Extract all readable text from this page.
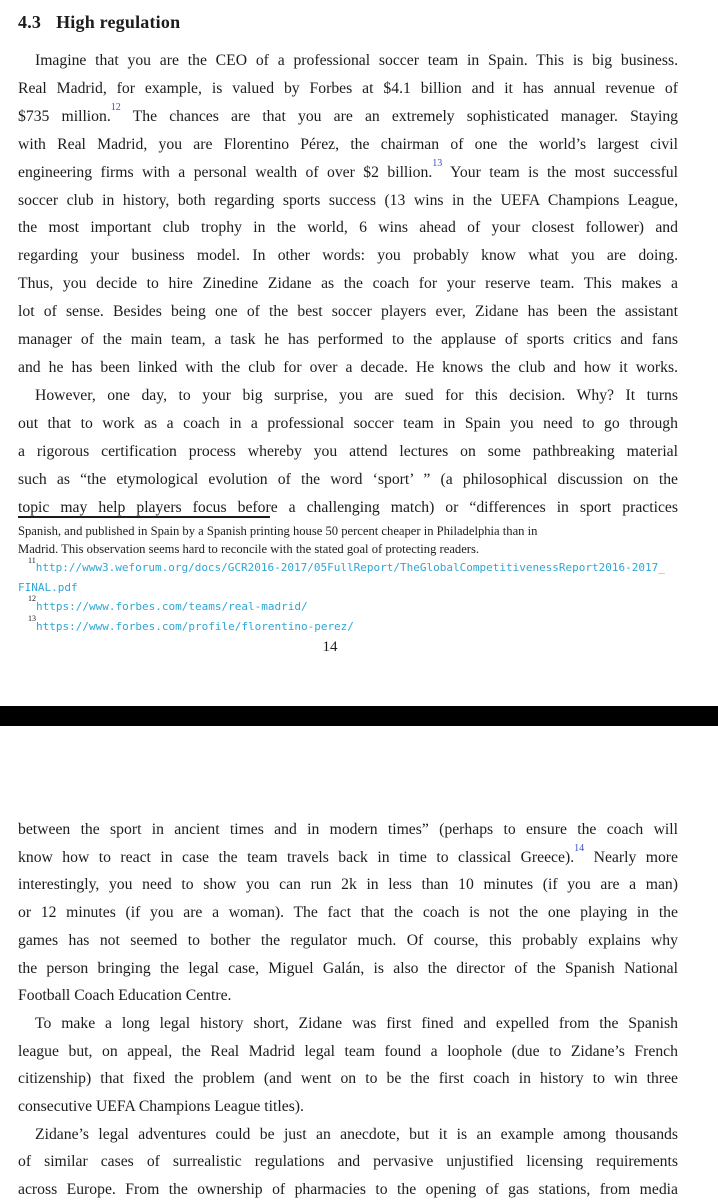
4.3 High regulation
Imagine that you are the CEO of a professional soccer team in Spain. This is big business.
Real Madrid, for example, is valued by Forbes at $4.1 billion and it has annual revenue of
$735 million.$^{12}$ The chances are that you are an extremely sophisticated manager. Staying
with Real Madrid, you are Florentino Pérez, the chairman of one the world’s largest civil
engineering firms with a personal wealth of over $2 billion.$^{13}$ Your team is the most successful
soccer club in history, both regarding sports success (13 wins in the UEFA Champions League,
the most important club trophy in the world, 6 wins ahead of your closest follower) and
regarding your business model. In other words: you probably know what you are doing.
Thus, you decide to hire Zinedine Zidane as the coach for your reserve team. This makes a
lot of sense. Besides being one of the best soccer players ever, Zidane has been the assistant
manager of the main team, a task he has performed to the applause of sports critics and fans
and he has been linked with the club for over a decade. He knows the club and how it works.
However, one day, to your big surprise, you are sued for this decision. Why? It turns
out that to work as a coach in a professional soccer team in Spain you need to go through
a rigorous certification process whereby you attend lectures on some pathbreaking material
such as “the etymological evolution of the word ‘sport’ ” (a philosophical discussion on the
topic may help players focus before a challenging match) or “differences in sport practices
Spanish, and published in Spain by a Spanish printing house 50 percent cheaper in Philadelphia than in
Madrid. This observation seems hard to reconcile with the stated goal of protecting readers.
$^{11}$http://www3.weforum.org/docs/GCR2016-2017/05FullReport/TheGlobalCompetitivenessReport2016-2017_
FINAL.pdf
$^{12}$https://www.forbes.com/teams/real-madrid/
$^{13}$https://www.forbes.com/profile/florentino-perez/
14
between the sport in ancient times and in modern times” (perhaps to ensure the coach will
know how to react in case the team travels back in time to classical Greece).$^{14}$ Nearly more
interestingly, you need to show you can run 2k in less than 10 minutes (if you are a man)
or 12 minutes (if you are a woman). The fact that the coach is not the one playing in the
games has not seemed to bother the regulator much. Of course, this probably explains why
the person bringing the legal case, Miguel Galán, is also the director of the Spanish National
Football Coach Education Centre.
To make a long legal history short, Zidane was first fined and expelled from the Spanish
league but, on appeal, the Real Madrid legal team found a loophole (due to Zidane’s French
citizenship) that fixed the problem (and went on to be the first coach in history to win three
consecutive UEFA Champions League titles).
Zidane’s legal adventures could be just an anecdote, but it is an example among thousands
of similar cases of surrealistic regulations and pervasive unjustified licensing requirements
across Europe. From the ownership of pharmacies to the opening of gas stations, from media
